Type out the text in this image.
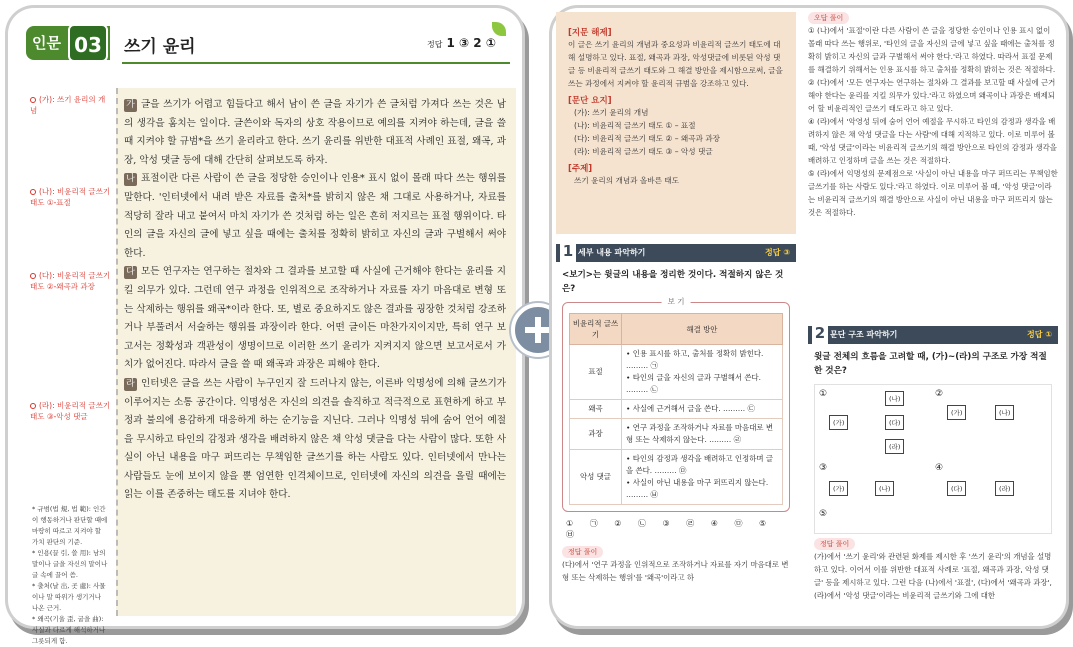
인문 03	쓰기 윤리	정답 1 ③ 2 ①
(가): 쓰기 윤리의 개념
(나): 비윤리적 글쓰기 태도 ①-표절
(다): 비윤리적 글쓰기 태도 ②-왜곡과 과장
(라): 비윤리적 글쓰기 태도 ③-악성 댓글
* 규범(법 規, 법 範): 인간이 행동하거나 판단할 때에 마땅히 따르고 지켜야 할 가치 판단의 기준.
* 인용(끌 引, 쓸 用): 남의 말이나 글을 자신의 말이나 글 속에 끌어 씀.
* 출처(날 出, 곳 處): 사물이나 말 따위가 생기거나 나온 근거.
* 왜곡(기울 歪, 굽을 曲): 사실과 다르게 해석하거나 그릇되게 함.

가 글을 쓰기가 어렵고 힘들다고 해서 남이 쓴 글을 자기가 쓴 글처럼 가져다 쓰는 것은 남의 생각을 훔치는 일이다. 글쓴이와 독자의 상호 작용이므로 예의를 지켜야 하는데, 글을 쓸 때 지켜야 할 규범*을 쓰기 윤리라고 한다. 쓰기 윤리를 위반한 대표적 사례인 표절, 왜곡, 과장, 악성 댓글 등에 대해 간단히 살펴보도록 하자.

나 표절이란 다른 사람이 쓴 글을 정당한 승인이나 인용* 표시 없이 몰래 따다 쓰는 행위를 말한다. '인터넷에서 내려 받은 자료를 출처*를 밝히지 않은 채 그대로 사용하거나, 자료를 적당히 잘라 내고 붙여서 마치 자기가 쓴 것처럼 하는 일은 흔히 저지르는 표절 행위이다. 타인의 글을 자신의 글에 넣고 싶을 때에는 출처를 정확히 밝히고 자신의 글과 구별해서 써야 한다.

다 모든 연구자는 연구하는 절차와 그 결과를 보고할 때 사실에 근거해야 한다는 윤리를 지킬 의무가 있다. 그런데 연구 과정을 인위적으로 조작하거나 자료를 자기 마음대로 변형 또는 삭제하는 행위를 왜곡*이라 한다. 또, 별로 중요하지도 않은 결과를 굉장한 것처럼 강조하거나 부풀려서 서술하는 행위를 과장이라 한다. 어떤 글이든 마찬가지이지만, 특히 연구 보고서는 정확성과 객관성이 생명이므로 이러한 쓰기 윤리가 지켜지지 않으면 보고서로서 가치가 없어진다. 따라서 글을 쓸 때 왜곡과 과장은 피해야 한다.

라 인터넷은 글을 쓰는 사람이 누구인지 잘 드러나지 않는, 이른바 익명성에 의해 글쓰기가 이루어지는 소통 공간이다. 익명성은 자신의 의견을 솔직하고 적극적으로 표현하게 하고 부정과 불의에 용감하게 대응하게 하는 순기능을 지닌다. 그러나 익명성 뒤에 숨어 언어 예절을 무시하고 타인의 감정과 생각을 배려하지 않은 채 악성 댓글을 다는 사람이 많다. 또한 사실이 아닌 내용을 마구 퍼뜨리는 무책임한 글쓰기를 하는 사람도 있다. 인터넷에서 만나는 사람들도 눈에 보이지 않을 뿐 엄연한 인격체이므로, 인터넷에 자신의 의견을 올릴 때에는 읽는 이를 존중하는 태도를 지녀야 한다.

[지문 해제]
이 글은 쓰기 윤리의 개념과 중요성과 비윤리적 글쓰기 태도에 대해 설명하고 있다. 표절, 왜곡과 과장, 악성댓글에 비롯된 악성 댓글 등 비윤리적 글쓰기 태도와 그 해결 방안을 제시함으로써, 글을 쓰는 과정에서 지켜야 할 윤리적 규범을 강조하고 있다.
[문단 요지]
(가): 쓰기 윤리의 개념
(나): 비윤리적 글쓰기 태도 ① – 표절
(다): 비윤리적 글쓰기 태도 ② – 왜곡과 과장
(라): 비윤리적 글쓰기 태도 ③ – 악성 댓글
[주제]
쓰기 윤리의 개념과 올바른 태도
1 세부 내용 파악하기	정답 ③
<보기>는 윗글의 내용을 정리한 것이다. 적절하지 않은 것은?
보 기
비윤리적 글쓰기	해결 방안
표절	• 인용 표시를 하고, 출처를 정확히 밝힌다. ……… ㉠
• 타인의 글을 자신의 글과 구별해서 쓴다. ……… ㉡
왜곡	• 사실에 근거해서 글을 쓴다. ……… ㉢
과장	• 연구 과정을 조작하거나 자료를 마음대로 변형 또는 삭제하지 않는다. ……… ㉣
악성 댓글	• 타인의 감정과 생각을 배려하고 인정하며 글을 쓴다. ……… ㉤
• 사실이 아닌 내용을 마구 퍼뜨리지 않는다. ……… ㉥
① ㉠ ② ㉡ ③ ㉣ ④ ㉤ ⑤ ㉥
정답 풀이
(다)에서 '연구 과정을 인위적으로 조작하거나 자료를 자기 마음대로 변형 또는 삭제하는 행위'를 '왜곡'이라고 하
오답 풀이
① (나)에서 '표절'이란 다른 사람이 쓴 글을 정당한 승인이나 인용 표시 없이 몰래 따다 쓰는 행위로, '타인의 글을 자신의 글에 넣고 싶을 때에는 출처를 정확히 밝히고 자신의 글과 구별해서 써야 한다.'라고 하였다. 따라서 표절 문제를 해결하기 위해서는 인용 표시를 하고 출처를 정확히 밝히는 것은 적절하다.
② (다)에서 '모든 연구자는 연구하는 절차와 그 결과를 보고할 때 사실에 근거해야 한다는 윤리를 지킬 의무가 있다.'라고 하였으며 왜곡이나 과장은 배제되어 할 비윤리적인 글쓰기 태도라고 하고 있다.
④ (라)에서 '악영성 뒤에 숨어 언어 예절을 무시하고 타인의 감정과 생각을 배려하지 않은 채 악성 댓글을 다는 사람'에 대해 지적하고 있다. 이로 미루어 볼 때, '악성 댓글'이라는 비윤리적 글쓰기의 해결 방안으로 타인의 감정과 생각을 배려하고 인정하며 글을 쓰는 것은 적절하다.
⑤ (라)에서 익명성의 문제점으로 '사실이 아닌 내용을 마구 퍼뜨리는 무책임한 글쓰기를 하는 사람도 있다.'라고 하였다. 이로 미루어 볼 때, '악성 댓글'이라는 비윤리적 글쓰기의 해결 방안으로 사실이 아닌 내용을 마구 퍼뜨리지 않는 것은 적절하다.
2 문단 구조 파악하기	정답 ①
윗글 전체의 흐름을 고려할 때, (가)~(라)의 구조로 가장 적절한 것은?
①
(가)
(나)
(다)
(라)
②
(가)	(나)
③
(가)	(나)
④
(다)	(라)
⑤
정답 풀이
(가)에서 '쓰기 윤리'와 관련된 화제를 제시한 후 '쓰기 윤리'의 개념을 설명하고 있다. 이어서 이를 위반한 대표적 사례로 '표절, 왜곡과 과장, 악성 댓글' 등을 제시하고 있다. 그런 다음 (나)에서 '표절', (다)에서 '왜곡과 과장', (라)에서 '악성 댓글'이라는 비윤리적 글쓰기와 그에 대한
